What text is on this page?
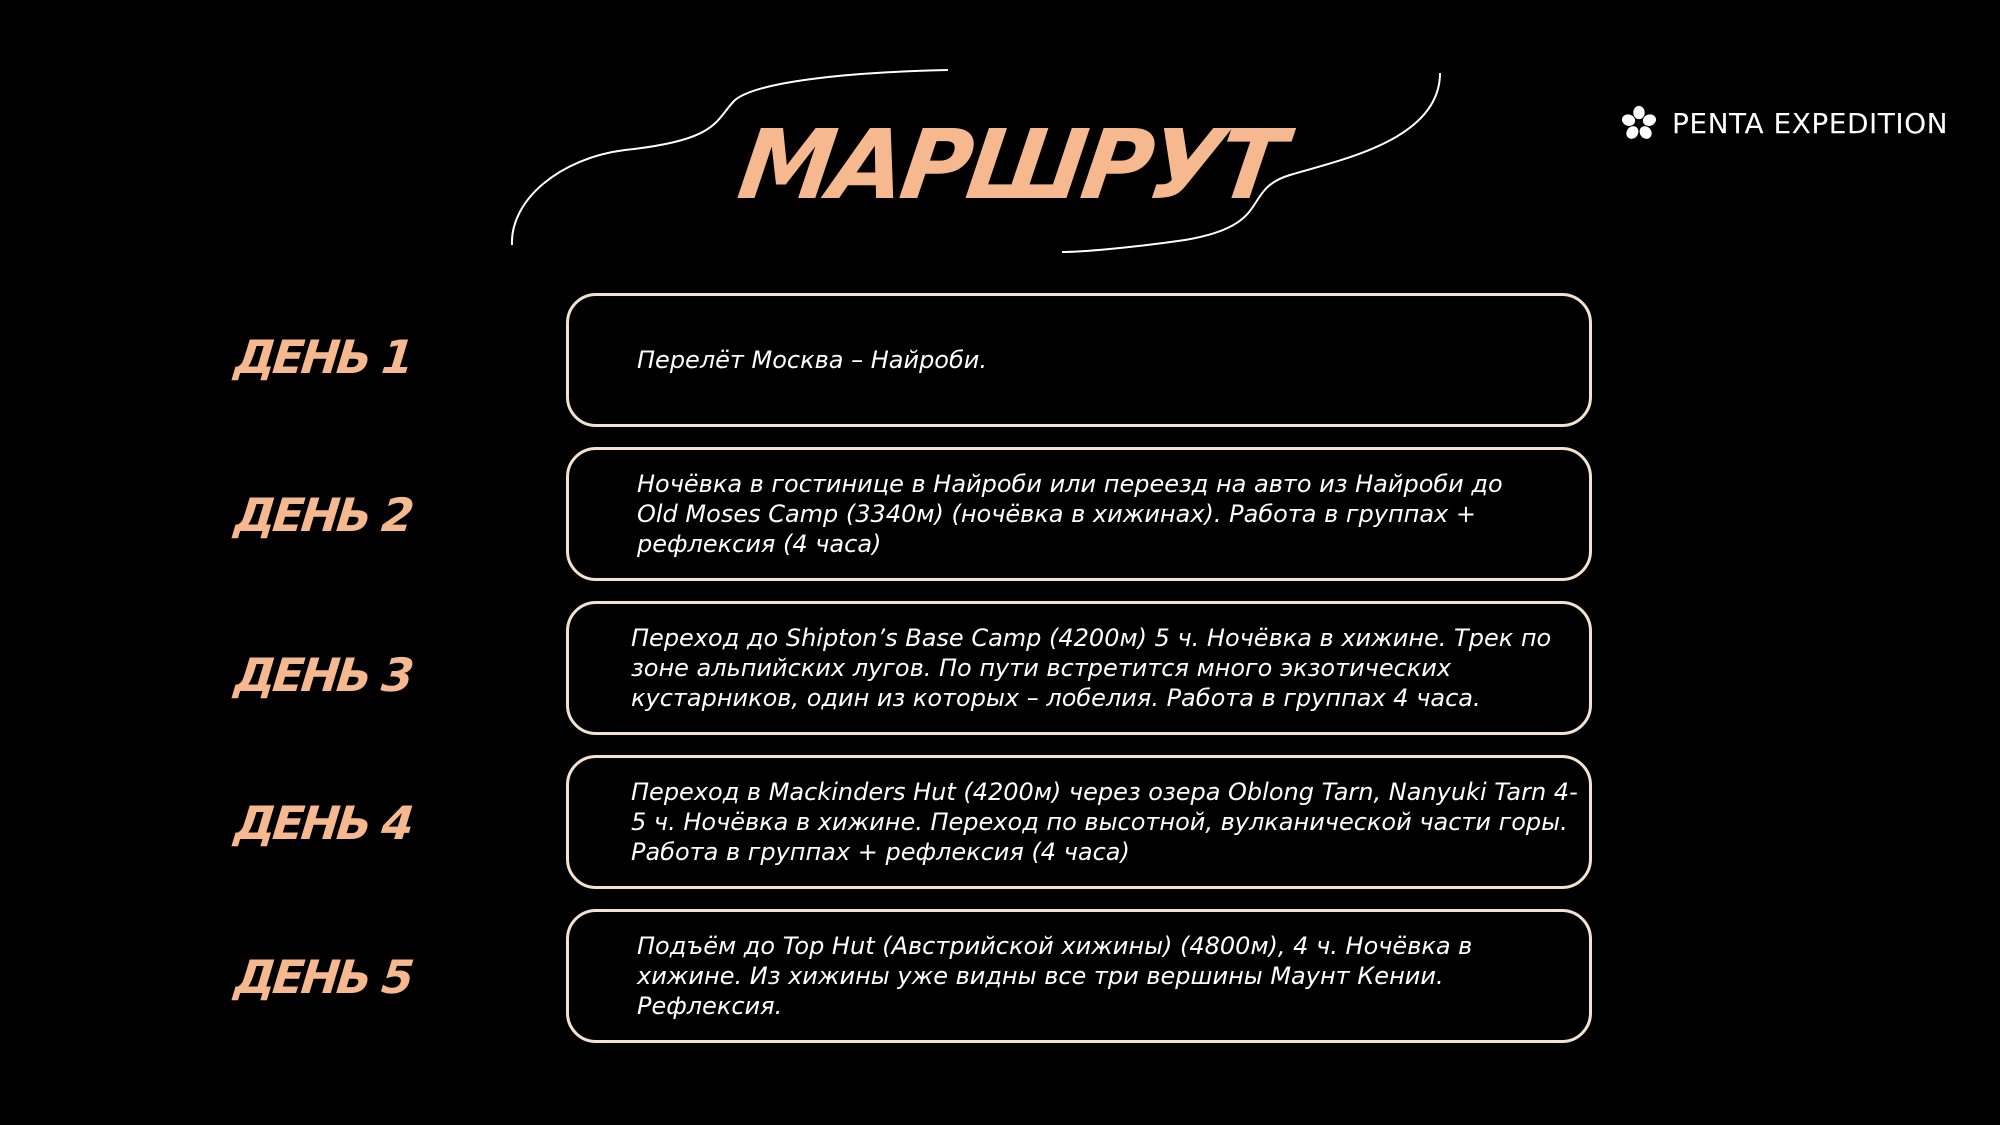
МАРШРУТ	PENTA EXPEDITION
ДЕНЬ 1	Перелёт Москва – Найроби.
ДЕНЬ 2
Ночёвка в гостинице в Найроби или переезд на авто из Найроби до Old Moses Camp (3340м) (ночёвка в хижинах). Работа в группах + рефлексия (4 часа)
ДЕНЬ 3
Переход до Shipton’s Base Camp (4200м) 5 ч. Ночёвка в хижине. Трек по зоне альпийских лугов. По пути встретится много экзотических кустарников, один из которых – лобелия. Работа в группах 4 часа.
ДЕНЬ 4
Переход в Mackinders Hut (4200м) через озера Oblong Tarn, Nanyuki Tarn 4-5 ч. Ночёвка в хижине. Переход по высотной, вулканической части горы. Работа в группах + рефлексия (4 часа)
ДЕНЬ 5
Подъём до Top Hut (Австрийской хижины) (4800м), 4 ч. Ночёвка в хижине. Из хижины уже видны все три вершины Маунт Кении. Рефлексия.
